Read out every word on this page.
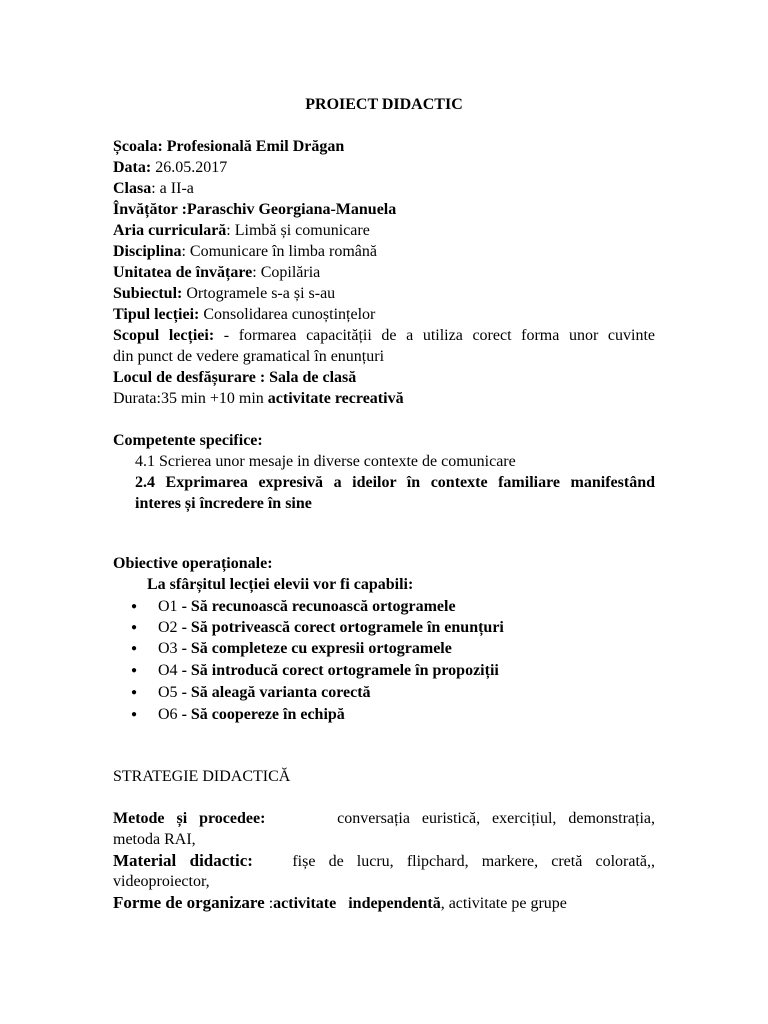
PROIECT DIDACTIC
Școala: Profesională Emil Drăgan
Data: 26.05.2017
Clasa: a II-a
Învățător :Paraschiv Georgiana-Manuela
Aria curriculară: Limbă și comunicare
Disciplina: Comunicare în limba română
Unitatea de învățare: Copilăria
Subiectul: Ortogramele s-a și s-au
Tipul lecției: Consolidarea cunoștințelor
Scopul lecției: - formarea capacității de a utiliza corect forma unor cuvinte
din punct de vedere gramatical în enunțuri
Locul de desfășurare : Sala de clasă
Durata:35 min +10 min activitate recreativă
Competente specifice:
4.1 Scrierea unor mesaje in diverse contexte de comunicare
2.4 Exprimarea expresivă a ideilor în contexte familiare manifestând
interes și încredere în sine
Obiective operaționale:
La sfârșitul lecției elevii vor fi capabili:
● O1 - Să recunoască recunoască ortogramele
● O2 - Să potrivească corect ortogramele în enunțuri
● O3 - Să completeze cu expresii ortogramele
● O4 - Să introducă corect ortogramele în propoziții
● O5 - Să aleagă varianta corectă
● O6 - Să coopereze în echipă
STRATEGIE DIDACTICĂ
Metode și procedee:	conversația euristică, exercițiul, demonstrația,
metoda RAI,
Material didactic: fișe de lucru, flipchard, markere, cretă colorată,,
videoproiector,
Forme de organizare :activitate   independentă, activitate pe grupe
